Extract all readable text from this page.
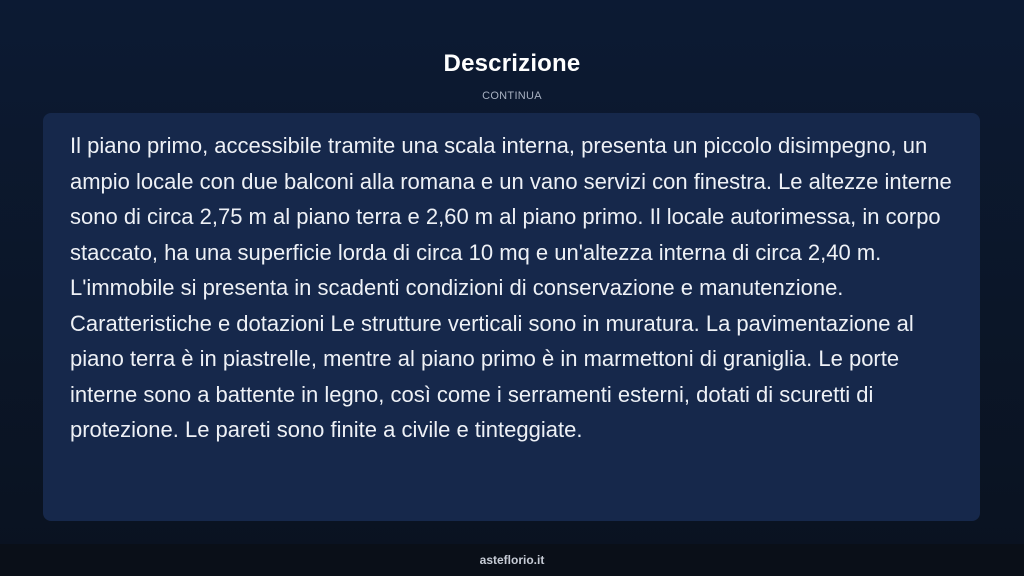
Descrizione
CONTINUA

Il piano primo, accessibile tramite una scala interna, presenta un piccolo disimpegno, un ampio locale con due balconi alla romana e un vano servizi con finestra. Le altezze interne sono di circa 2,75 m al piano terra e 2,60 m al piano primo. Il locale autorimessa, in corpo staccato, ha una superficie lorda di circa 10 mq e un'altezza interna di circa 2,40 m. L'immobile si presenta in scadenti condizioni di conservazione e manutenzione. Caratteristiche e dotazioni Le strutture verticali sono in muratura. La pavimentazione al piano terra è in piastrelle, mentre al piano primo è in marmettoni di graniglia. Le porte interne sono a battente in legno, così come i serramenti esterni, dotati di scuretti di protezione. Le pareti sono finite a civile e tinteggiate.

asteflorio.it
